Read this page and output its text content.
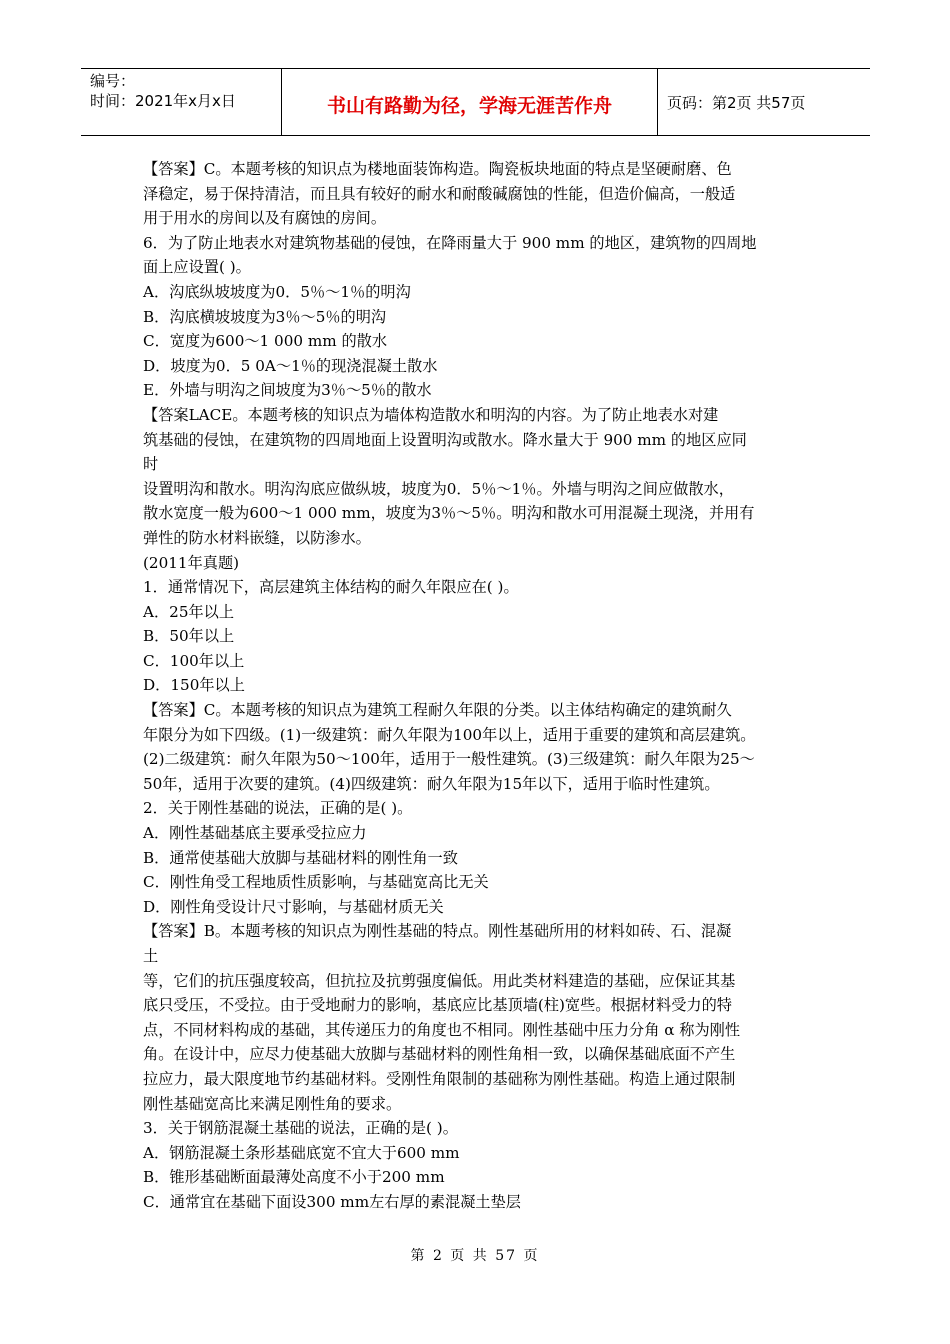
编号：
时间：2021年x月x日	书山有路勤为径，学海无涯苦作舟	页码：第2页 共57页

【答案】C。本题考核的知识点为楼地面装饰构造。陶瓷板块地面的特点是坚硬耐磨、色

泽稳定，易于保持清洁，而且具有较好的耐水和耐酸碱腐蚀的性能，但造价偏高，一般适

用于用水的房间以及有腐蚀的房间。

6．为了防止地表水对建筑物基础的侵蚀，在降雨量大于 900 mm 的地区，建筑物的四周地

面上应设置( )。

A．沟底纵坡坡度为0．5％～1％的明沟

B．沟底横坡坡度为3％～5％的明沟

C．宽度为600～1 000 mm 的散水

D．坡度为0．5 0A～1％的现浇混凝土散水

E．外墙与明沟之间坡度为3％～5％的散水

【答案LACE。本题考核的知识点为墙体构造散水和明沟的内容。为了防止地表水对建

筑基础的侵蚀，在建筑物的四周地面上设置明沟或散水。降水量大于 900 mm 的地区应同

时

设置明沟和散水。明沟沟底应做纵坡，坡度为0．5％～1％。外墙与明沟之间应做散水，

散水宽度一般为600～1 000 mm，坡度为3％～5％。明沟和散水可用混凝土现浇，并用有

弹性的防水材料嵌缝，以防渗水。

(2011年真题)

1．通常情况下，高层建筑主体结构的耐久年限应在( )。

A．25年以上

B．50年以上

C．100年以上

D．150年以上

【答案】C。本题考核的知识点为建筑工程耐久年限的分类。以主体结构确定的建筑耐久

年限分为如下四级。(1)一级建筑：耐久年限为100年以上，适用于重要的建筑和高层建筑。

(2)二级建筑：耐久年限为50～100年，适用于一般性建筑。(3)三级建筑：耐久年限为25～

50年，适用于次要的建筑。(4)四级建筑：耐久年限为15年以下，适用于临时性建筑。

2．关于刚性基础的说法，正确的是( )。

A．刚性基础基底主要承受拉应力

B．通常使基础大放脚与基础材料的刚性角一致

C．刚性角受工程地质性质影响，与基础宽高比无关

D．刚性角受设计尺寸影响，与基础材质无关

【答案】B。本题考核的知识点为刚性基础的特点。刚性基础所用的材料如砖、石、混凝

土

等，它们的抗压强度较高，但抗拉及抗剪强度偏低。用此类材料建造的基础，应保证其基

底只受压，不受拉。由于受地耐力的影响，基底应比基顶墙(柱)宽些。根据材料受力的特

点，不同材料构成的基础，其传递压力的角度也不相同。刚性基础中压力分角 α 称为刚性

角。在设计中，应尽力使基础大放脚与基础材料的刚性角相一致，以确保基础底面不产生

拉应力，最大限度地节约基础材料。受刚性角限制的基础称为刚性基础。构造上通过限制

刚性基础宽高比来满足刚性角的要求。

3．关于钢筋混凝土基础的说法，正确的是( )。

A．钢筋混凝土条形基础底宽不宜大于600 mm

B．锥形基础断面最薄处高度不小于200 mm

C．通常宜在基础下面设300 mm左右厚的素混凝土垫层

第 2 页 共 57 页
